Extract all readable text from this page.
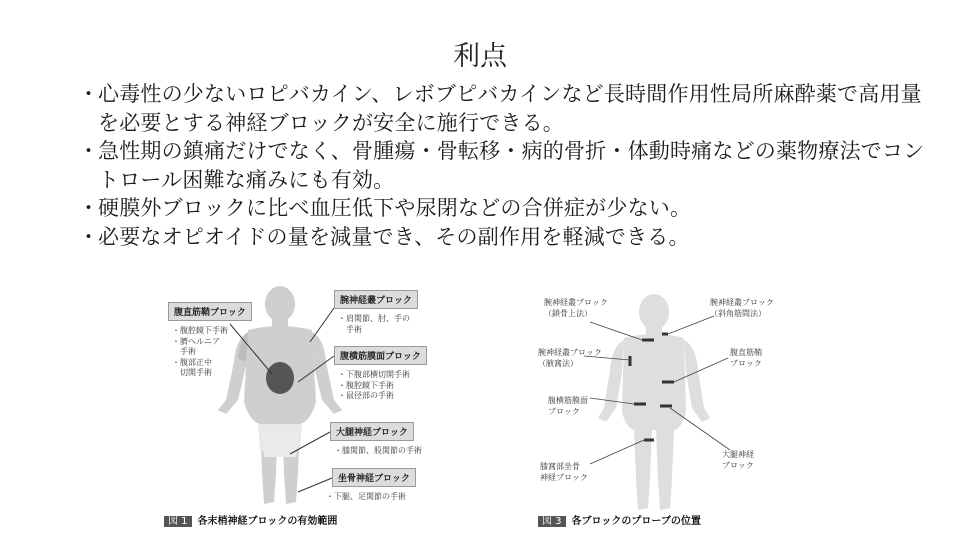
利点
・
心毒性の少ないロピバカイン、レボブピバカインなど長時間作用性局所麻酔薬で高用量を必要とする神経ブロックが安全に施行できる。
・
急性期の鎮痛だけでなく、骨腫瘍・骨転移・病的骨折・体動時痛などの薬物療法でコントロール困難な痛みにも有効。
・
硬膜外ブロックに比べ血圧低下や尿閉などの合併症が少ない。
・
必要なオピオイドの量を減量でき、その副作用を軽減できる。
腹直筋鞘ブロック
・腹腔鏡下手術
・臍ヘルニア
　手術
・腹部正中
　切開手術
腕神経叢ブロック
・肩関節、肘、手の
　手術
腹横筋膜面ブロック
・下腹部横切開手術
・腹腔鏡下手術
・鼠径部の手術
大腿神経ブロック
・膝関節、股関節の手術
坐骨神経ブロック
・下腿、足関節の手術
図 1 各末梢神経ブロックの有効範囲
腕神経叢ブロック
（鎖骨上法）
腕神経叢ブロック
（斜角筋間法）
腕神経叢ブロック
（腋窩法）
腹直筋鞘
ブロック
腹横筋膜面
ブロック
大腿神経
ブロック
膝窩部坐骨
神経ブロック
図 3 各ブロックのプローブの位置
